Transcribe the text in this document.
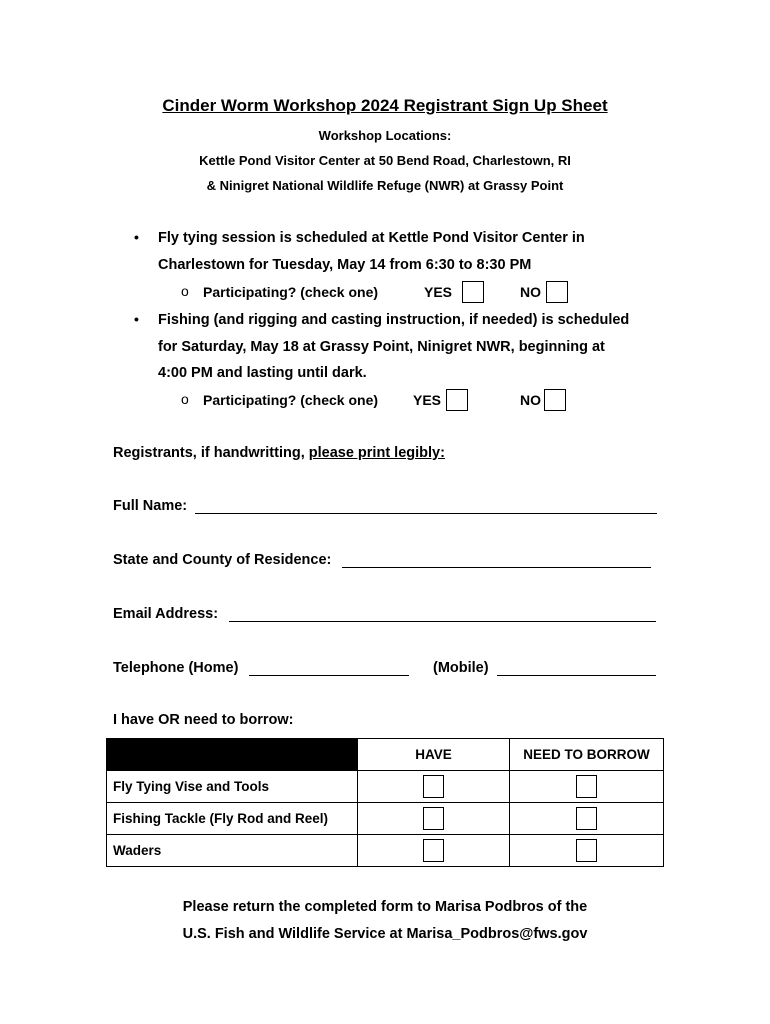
Cinder Worm Workshop 2024 Registrant Sign Up Sheet
Workshop Locations:
Kettle Pond Visitor Center at 50 Bend Road, Charlestown, RI
& Ninigret National Wildlife Refuge (NWR) at Grassy Point
• Fly tying session is scheduled at Kettle Pond Visitor Center in
Charlestown for Tuesday, May 14 from 6:30 to 8:30 PM
o Participating? (check one)	YES	NO
• Fishing (and rigging and casting instruction, if needed) is scheduled
for Saturday, May 18 at Grassy Point, Ninigret NWR, beginning at
4:00 PM and lasting until dark.
o Participating? (check one) YES	NO
Registrants, if handwritting, please print legibly:
Full Name:
State and County of Residence:
Email Address:
Telephone (Home)	(Mobile)
I have OR need to borrow:
	HAVE	NEED TO BORROW
Fly Tying Vise and Tools		
Fishing Tackle (Fly Rod and Reel)		
Waders		
Please return the completed form to Marisa Podbros of the
U.S. Fish and Wildlife Service at Marisa_Podbros@fws.gov
